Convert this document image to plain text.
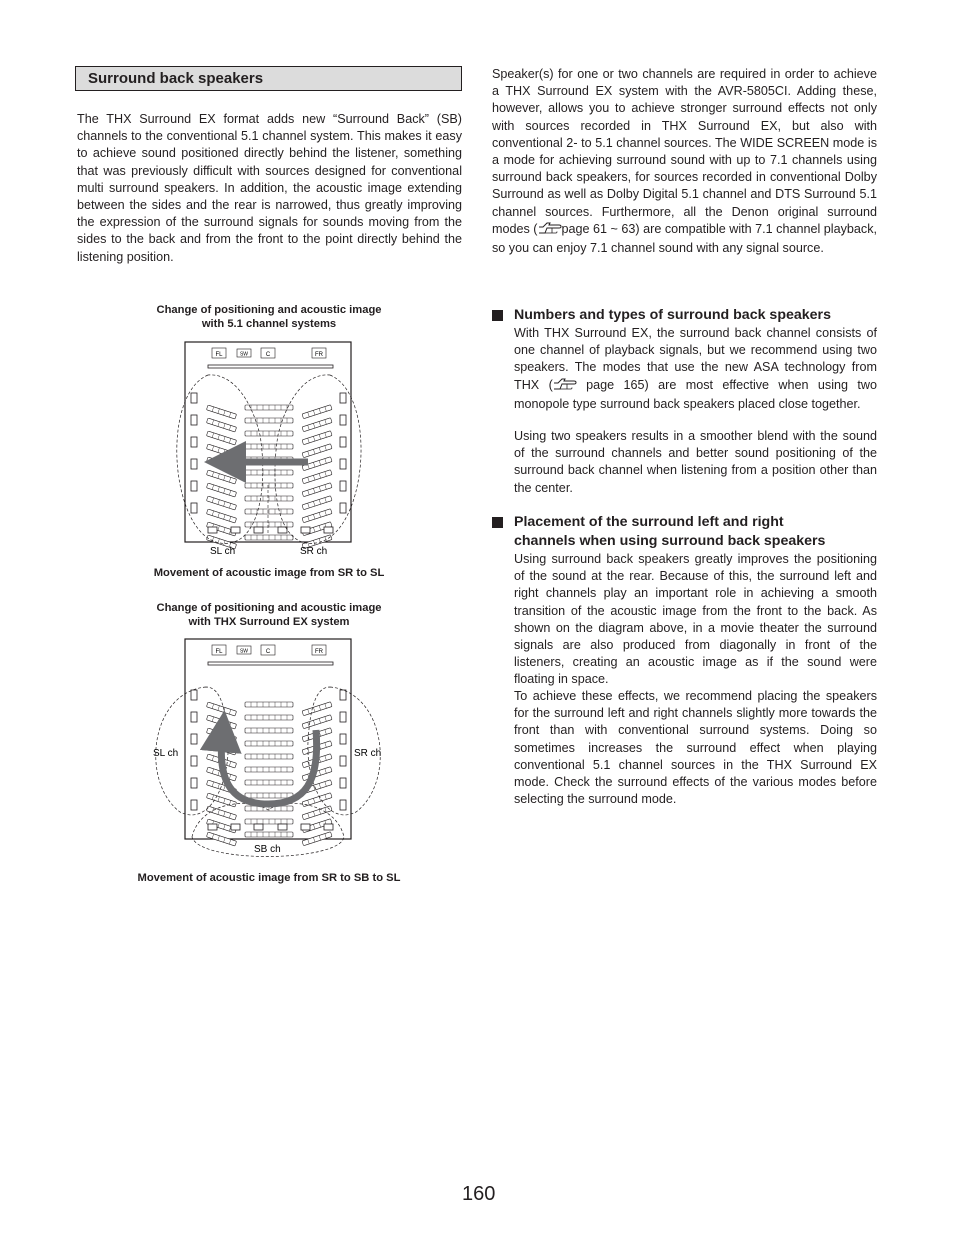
Surround back speakers

The THX Surround EX format adds new “Surround Back” (SB) channels to the conventional 5.1 channel system. This makes it easy to achieve sound positioned directly behind the listener, something that was previously difficult with sources designed for conventional multi surround speakers. In addition, the acoustic image extending between the sides and the rear is narrowed, thus greatly improving the expression of the surround signals for sounds moving from the sides to the back and from the front to the point directly behind the listening position.

Change of positioning and acoustic image
with 5.1 channel systems

FL	SW	C	FR
SL ch	SR ch

Movement of acoustic image from SR to SL

Change of positioning and acoustic image
with THX Surround EX system

FL	SW	C	FR
SL ch	SR ch
SB ch

Movement of acoustic image from SR to SB to SL

Speaker(s) for one or two channels are required in order to achieve a THX Surround EX system with the AVR-5805CI. Adding these, however, allows you to achieve stronger surround effects not only with sources recorded in THX Surround EX, but also with conventional 2- to 5.1 channel sources. The WIDE SCREEN mode is a mode for achieving surround sound with up to 7.1 channels using surround back speakers, for sources recorded in conventional Dolby Surround as well as Dolby Digital 5.1 channel and DTS Surround 5.1 channel sources. Furthermore, all the Denon original surround modes ( page 61 ~ 63) are compatible with 7.1 channel playback, so you can enjoy 7.1 channel sound with any signal source.

Numbers and types of surround back speakers

With THX Surround EX, the surround back channel consists of one channel of playback signals, but we recommend using two speakers. The modes that use the new ASA technology from THX ( page 165) are most effective when using two monopole type surround back speakers placed close together.

Using two speakers results in a smoother blend with the sound of the surround channels and better sound positioning of the surround back channel when listening from a position other than the center.

Placement of the surround left and right
channels when using surround back speakers

Using surround back speakers greatly improves the positioning of the sound at the rear. Because of this, the surround left and right channels play an important role in achieving a smooth transition of the acoustic image from the front to the back. As shown on the diagram above, in a movie theater the surround signals are also produced from diagonally in front of the listeners, creating an acoustic image as if the sound were floating in space.

To achieve these effects, we recommend placing the speakers for the surround left and right channels slightly more towards the front than with conventional surround systems. Doing so sometimes increases the surround effect when playing conventional 5.1 channel sources in the THX Surround EX mode. Check the surround effects of the various modes before selecting the surround mode.

160
